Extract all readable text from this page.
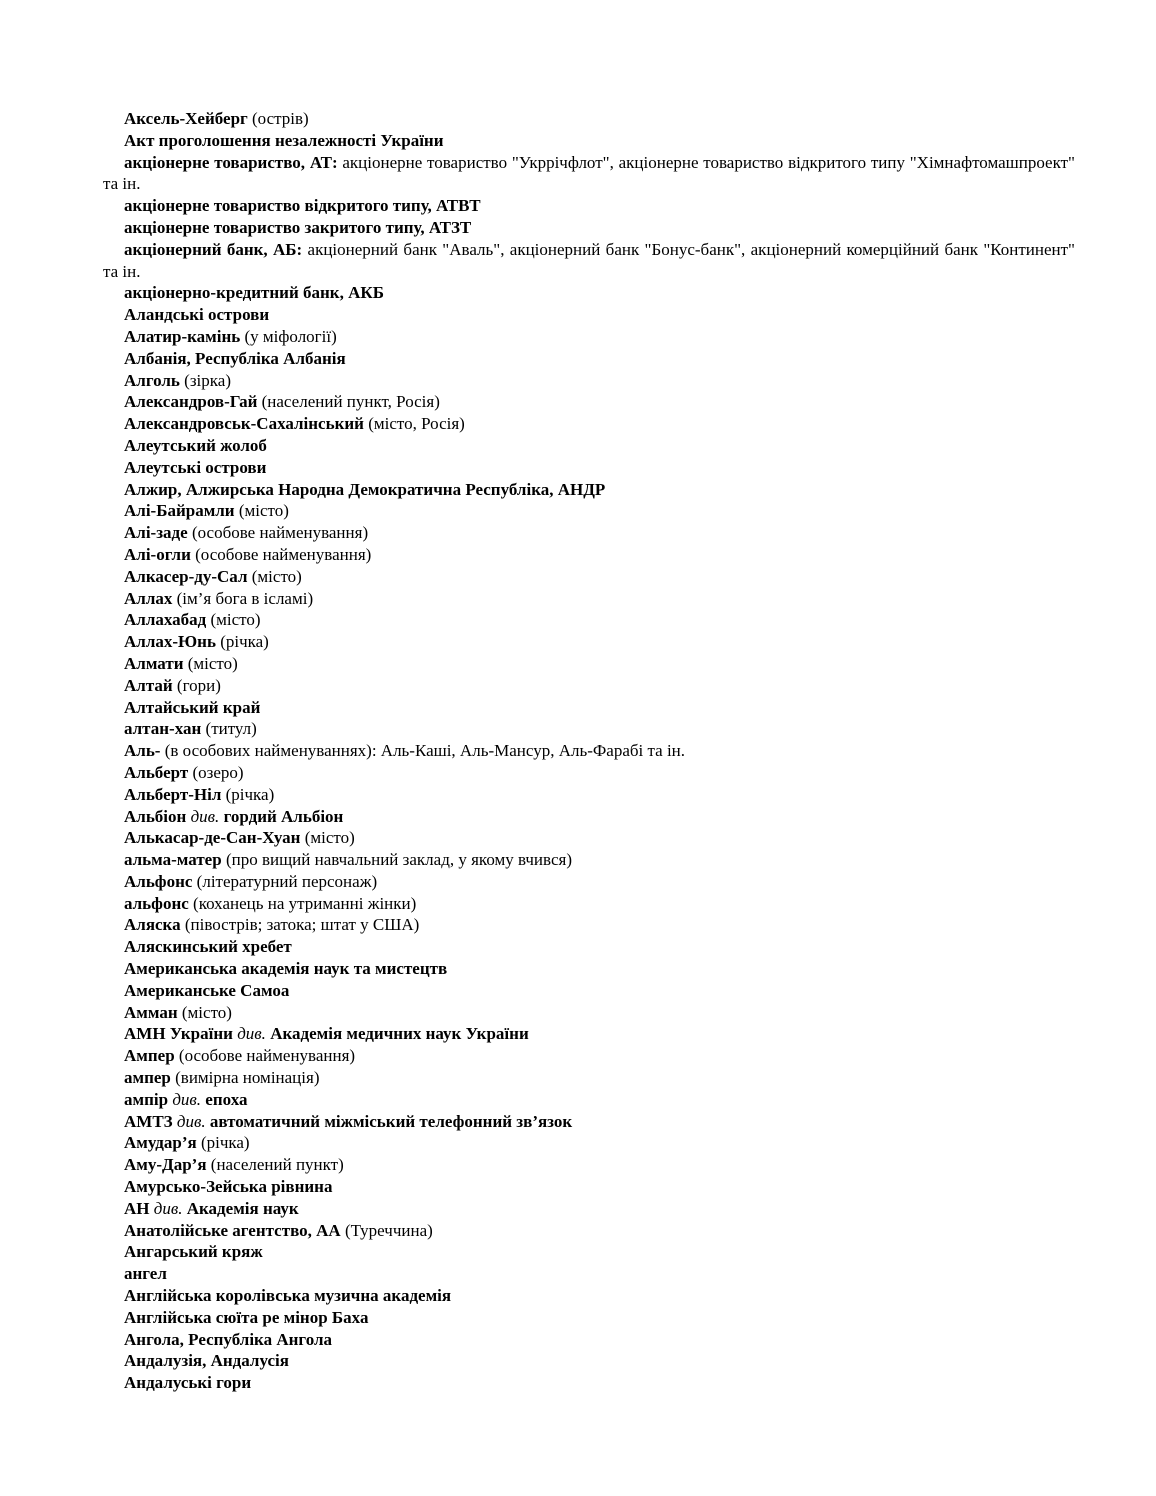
Аксель-Хейберг (острів)

Акт проголошення незалежності України

акціонерне товариство, АТ: акціонерне товариство "Укррічфлот", акціонерне товариство відкритого типу "Хімнафтомашпроект" та ін.

акціонерне товариство відкритого типу, АТВТ

акціонерне товариство закритого типу, АТЗТ

акціонерний банк, АБ: акціонерний банк "Аваль", акціонерний банк "Бонус-банк", акціонерний комерційний банк "Континент" та ін.

акціонерно-кредитний банк, АКБ

Аландські острови

Алатир-камінь (у міфології)

Албанія, Республіка Албанія

Алголь (зірка)

Александров-Гай (населений пункт, Росія)

Александровськ-Сахалінський (місто, Росія)

Алеутський жолоб

Алеутські острови

Алжир, Алжирська Народна Демократична Республіка, АНДР

Алі-Байрамли (місто)

Алі-заде (особове найменування)

Алі-огли (особове найменування)

Алкасер-ду-Сал (місто)

Аллах (ім’я бога в ісламі)

Аллахабад (місто)

Аллах-Юнь (річка)

Алмати (місто)

Алтай (гори)

Алтайський край

алтан-хан (титул)

Аль- (в особових найменуваннях): Аль-Каші, Аль-Мансур, Аль-Фарабі та ін.

Альберт (озеро)

Альберт-Ніл (річка)

Альбіон див. гордий Альбіон

Алькасар-де-Сан-Хуан (місто)

альма-матер (про вищий навчальний заклад, у якому вчився)

Альфонс (літературний персонаж)

альфонс (коханець на утриманні жінки)

Аляска (півострів; затока; штат у США)

Аляскинський хребет

Американська академія наук та мистецтв

Американське Самоа

Амман (місто)

АМН України див. Академія медичних наук України

Ампер (особове найменування)

ампер (вимірна номінація)

ампір див. епоха

АМТЗ див. автоматичний міжміський телефонний зв’язок

Амудар’я (річка)

Аму-Дар’я (населений пункт)

Амурсько-Зейська рівнина

АН див. Академія наук

Анатолійське агентство, АА (Туреччина)

Ангарський кряж

ангел

Англійська королівська музична академія

Англійська сюїта ре мінор Баха

Ангола, Республіка Ангола

Андалузія, Андалусія

Андалуські гори
